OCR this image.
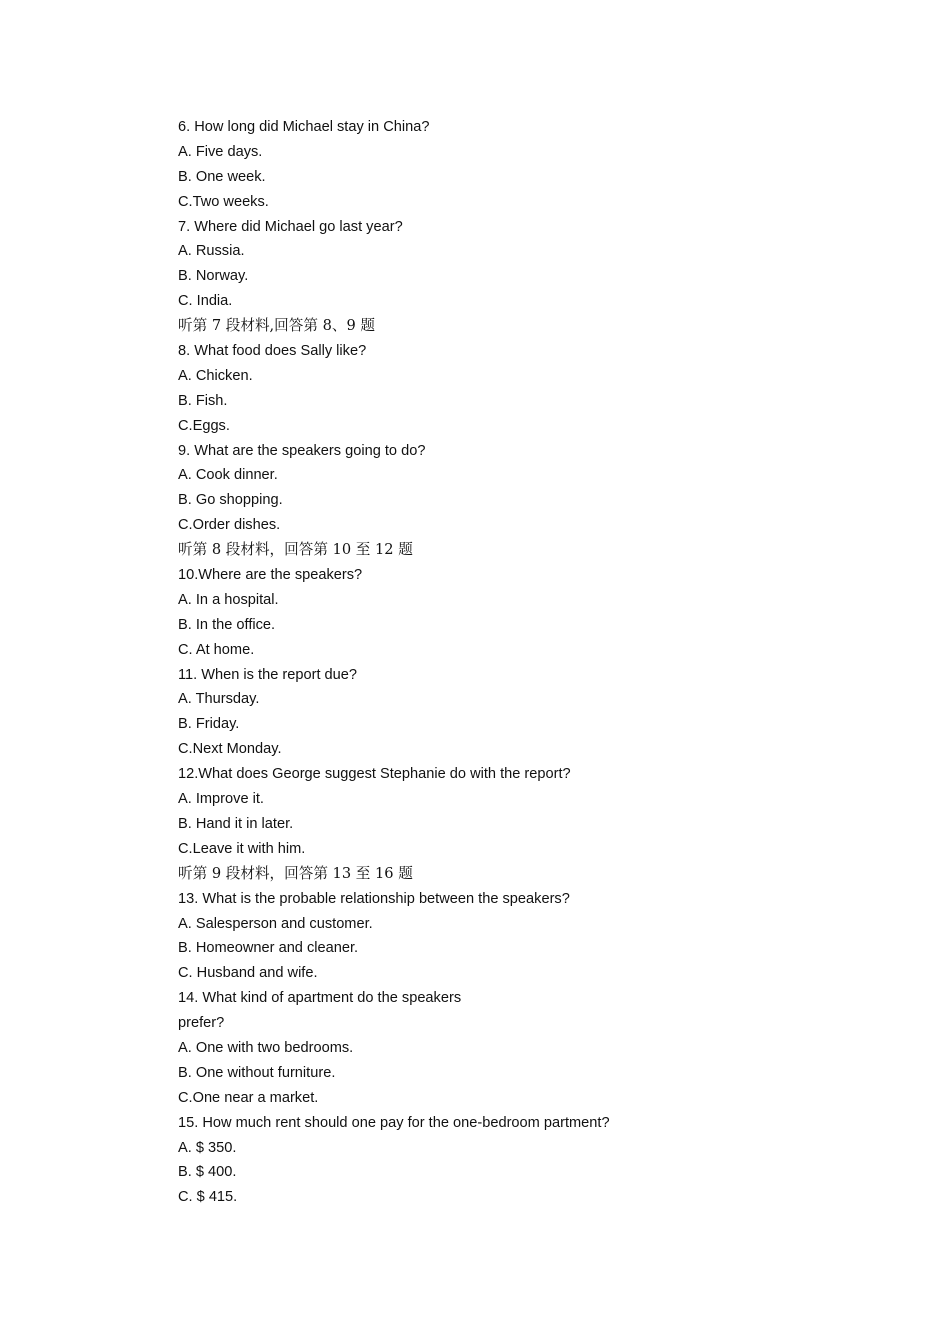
6. How long did Michael stay in China?
A. Five days.
B. One week.
C.Two weeks.
7. Where did Michael go last year?
A. Russia.
B. Norway.
C. India.
听第 7 段材料,回答第 8、9 题
8. What food does Sally like?
A. Chicken.
B. Fish.
C.Eggs.
9. What are the speakers going to do?
A. Cook dinner.
B. Go shopping.
C.Order dishes.
听第 8 段材料，回答第 10 至 12 题
10.Where are the speakers?
A. In a hospital.
B. In the office.
C. At home.
11. When is the report due?
A. Thursday.
B. Friday.
C.Next Monday.
12.What does George suggest Stephanie do with the report?
A. Improve it.
B. Hand it in later.
C.Leave it with him.
听第 9 段材料，回答第 13 至 16 题
13. What is the probable relationship between the speakers?
A. Salesperson and customer.
B. Homeowner and cleaner.
C. Husband and wife.
14. What kind of apartment do the speakers
prefer?
A. One with two bedrooms.
B. One without furniture.
C.One near a market.
15. How much rent should one pay for the one-bedroom partment?
A. $ 350.
B. $ 400.
C. $ 415.
